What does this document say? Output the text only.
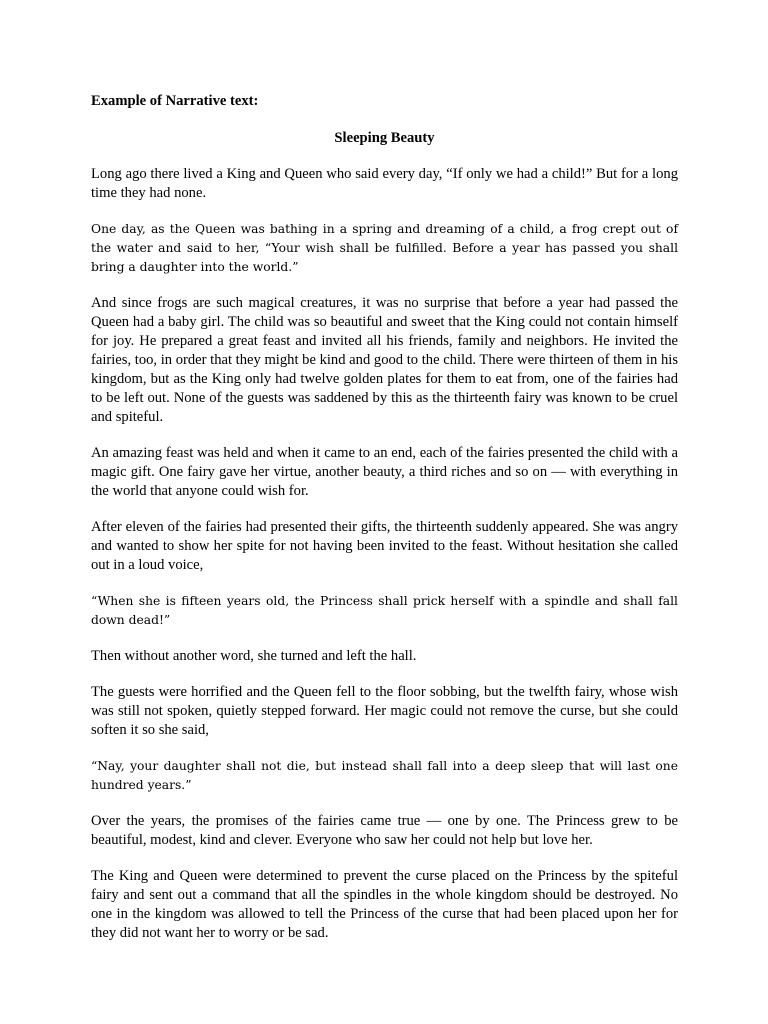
Example of Narrative text:
Sleeping Beauty

Long ago there lived a King and Queen who said every day, “If only we had a child!” But for a long time they had none.

One day, as the Queen was bathing in a spring and dreaming of a child, a frog crept out of the water and said to her, “Your wish shall be fulfilled. Before a year has passed you shall bring a daughter into the world.”

And since frogs are such magical creatures, it was no surprise that before a year had passed the Queen had a baby girl. The child was so beautiful and sweet that the King could not contain himself for joy. He prepared a great feast and invited all his friends, family and neighbors. He invited the fairies, too, in order that they might be kind and good to the child. There were thirteen of them in his kingdom, but as the King only had twelve golden plates for them to eat from, one of the fairies had to be left out. None of the guests was saddened by this as the thirteenth fairy was known to be cruel and spiteful.

An amazing feast was held and when it came to an end, each of the fairies presented the child with a magic gift. One fairy gave her virtue, another beauty, a third riches and so on — with everything in the world that anyone could wish for.

After eleven of the fairies had presented their gifts, the thirteenth suddenly appeared. She was angry and wanted to show her spite for not having been invited to the feast. Without hesitation she called out in a loud voice,

“When she is fifteen years old, the Princess shall prick herself with a spindle and shall fall down dead!”

Then without another word, she turned and left the hall.

The guests were horrified and the Queen fell to the floor sobbing, but the twelfth fairy, whose wish was still not spoken, quietly stepped forward. Her magic could not remove the curse, but she could soften it so she said,

“Nay, your daughter shall not die, but instead shall fall into a deep sleep that will last one hundred years.”

Over the years, the promises of the fairies came true — one by one. The Princess grew to be beautiful, modest, kind and clever. Everyone who saw her could not help but love her.

The King and Queen were determined to prevent the curse placed on the Princess by the spiteful fairy and sent out a command that all the spindles in the whole kingdom should be destroyed. No one in the kingdom was allowed to tell the Princess of the curse that had been placed upon her for they did not want her to worry or be sad.
